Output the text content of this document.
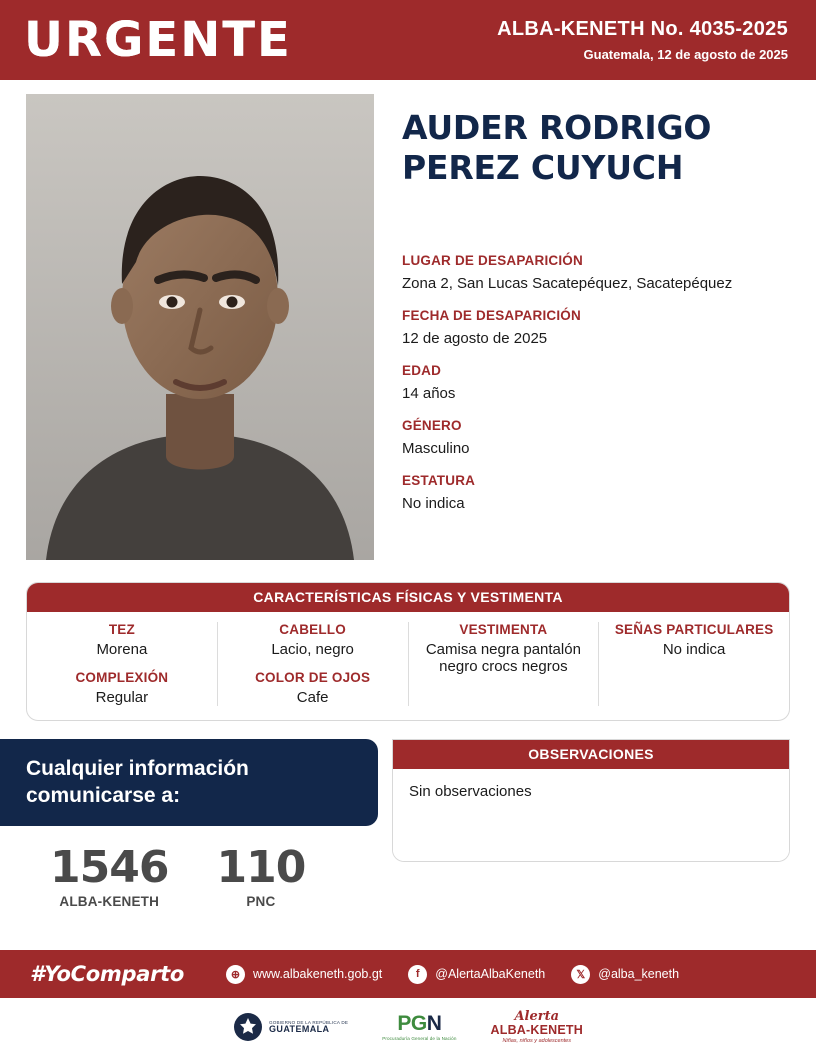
URGENTE	ALBA-KENETH No. 4035-2025
Guatemala, 12 de agosto de 2025
AUDER RODRIGO
PEREZ CUYUCH
LUGAR DE DESAPARICIÓN
Zona 2, San Lucas Sacatepéquez, Sacatepéquez
FECHA DE DESAPARICIÓN
12 de agosto de 2025
EDAD
14 años
GÉNERO
Masculino
ESTATURA
No indica
CARACTERÍSTICAS FÍSICAS Y VESTIMENTA
TEZ
Morena
COMPLEXIÓN
Regular
CABELLO
Lacio, negro
COLOR DE OJOS
Cafe
VESTIMENTA
Camisa negra pantalón negro crocs negros
SEÑAS PARTICULARES
No indica
Cualquier información
comunicarse a:
1546
ALBA-KENETH
110
PNC
OBSERVACIONES
Sin observaciones
#YoComparto	⊕	www.albakeneth.gob.gt	f	@AlertaAlbaKeneth	𝕏	@alba_keneth
GOBIERNO DE LA REPÚBLICA DE
GUATEMALA	PGN
Procuraduría General de la Nación
Alerta
ALBA-KENETH
Niñas, niños y adolescentes
